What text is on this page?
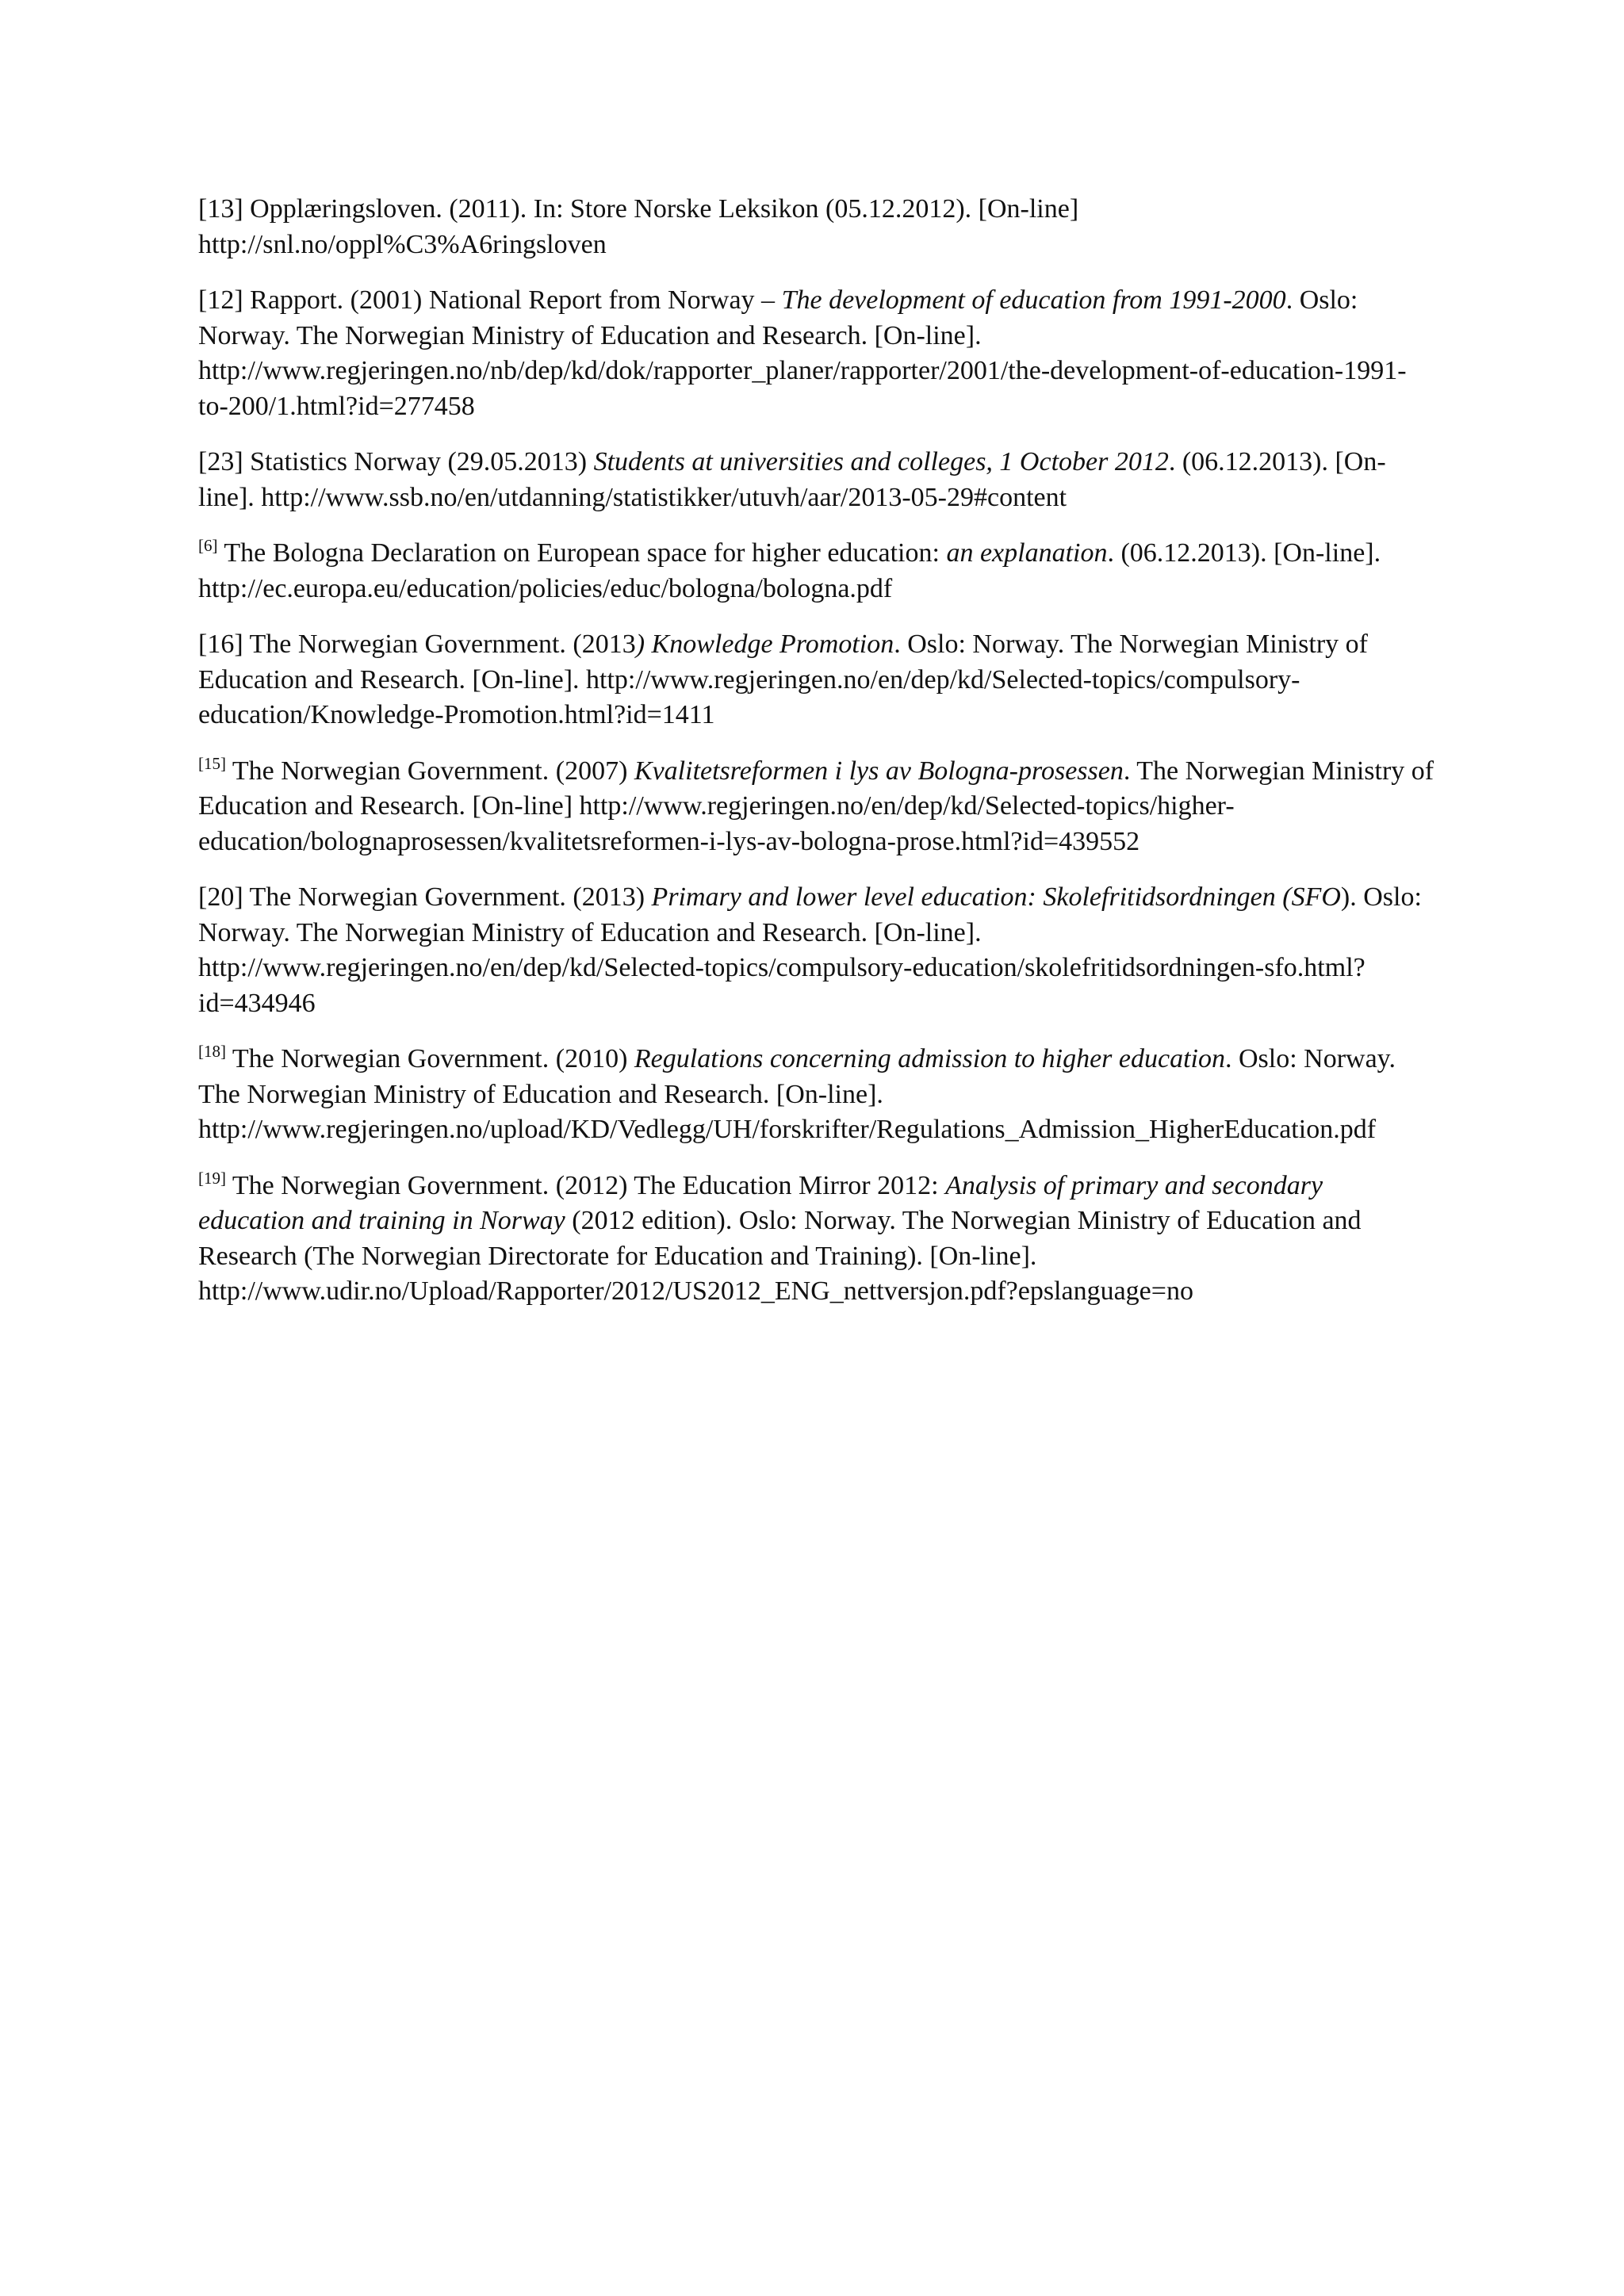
[13] Opplæringsloven. (2011). In: Store Norske Leksikon (05.12.2012). [On-line] http://snl.no/oppl%C3%A6ringsloven

[12] Rapport. (2001) National Report from Norway – The development of education from 1991-2000. Oslo: Norway. The Norwegian Ministry of Education and Research. [On-line]. http://www.regjeringen.no/nb/dep/kd/dok/rapporter_planer/rapporter/2001/the-development-of-education-1991-to-200/1.html?id=277458

[23] Statistics Norway (29.05.2013) Students at universities and colleges, 1 October 2012. (06.12.2013). [On-line]. http://www.ssb.no/en/utdanning/statistikker/utuvh/aar/2013-05-29#content

[6] The Bologna Declaration on European space for higher education: an explanation. (06.12.2013). [On-line]. http://ec.europa.eu/education/policies/educ/bologna/bologna.pdf

[16] The Norwegian Government. (2013) Knowledge Promotion. Oslo: Norway. The Norwegian Ministry of Education and Research. [On-line]. http://www.regjeringen.no/en/dep/kd/Selected-topics/compulsory-education/Knowledge-Promotion.html?id=1411

[15] The Norwegian Government. (2007) Kvalitetsreformen i lys av Bologna-prosessen. The Norwegian Ministry of Education and Research. [On-line] http://www.regjeringen.no/en/dep/kd/Selected-topics/higher-education/bolognaprosessen/kvalitetsreformen-i-lys-av-bologna-prose.html?id=439552

[20] The Norwegian Government. (2013) Primary and lower level education: Skolefritidsordningen (SFO). Oslo: Norway. The Norwegian Ministry of Education and Research. [On-line]. http://www.regjeringen.no/en/dep/kd/Selected-topics/compulsory-education/skolefritidsordningen-sfo.html?id=434946

[18] The Norwegian Government. (2010) Regulations concerning admission to higher education. Oslo: Norway. The Norwegian Ministry of Education and Research. [On-line]. http://www.regjeringen.no/upload/KD/Vedlegg/UH/forskrifter/Regulations_Admission_HigherEducation.pdf

[19] The Norwegian Government. (2012) The Education Mirror 2012: Analysis of primary and secondary education and training in Norway (2012 edition). Oslo: Norway. The Norwegian Ministry of Education and Research (The Norwegian Directorate for Education and Training). [On-line]. http://www.udir.no/Upload/Rapporter/2012/US2012_ENG_nettversjon.pdf?epslanguage=no
